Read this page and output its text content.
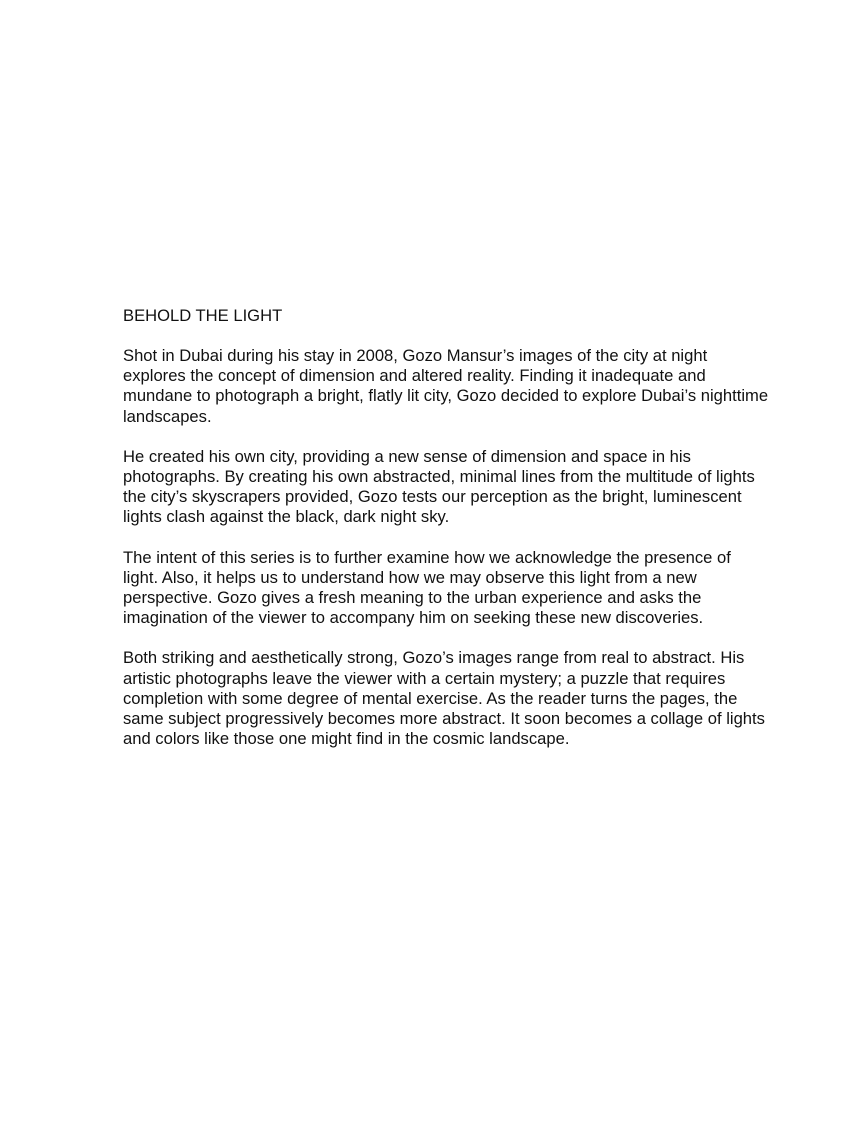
BEHOLD THE LIGHT

Shot in Dubai during his stay in 2008, Gozo Mansur’s images of the city at night
explores the concept of dimension and altered reality. Finding it inadequate and
mundane to photograph a bright, flatly lit city, Gozo decided to explore Dubai’s nighttime
landscapes.

He created his own city, providing a new sense of dimension and space in his
photographs. By creating his own abstracted, minimal lines from the multitude of lights
the city’s skyscrapers provided, Gozo tests our perception as the bright, luminescent
lights clash against the black, dark night sky.

The intent of this series is to further examine how we acknowledge the presence of
light. Also, it helps us to understand how we may observe this light from a new
perspective. Gozo gives a fresh meaning to the urban experience and asks the
imagination of the viewer to accompany him on seeking these new discoveries.

Both striking and aesthetically strong, Gozo’s images range from real to abstract. His
artistic photographs leave the viewer with a certain mystery; a puzzle that requires
completion with some degree of mental exercise. As the reader turns the pages, the
same subject progressively becomes more abstract. It soon becomes a collage of lights
and colors like those one might find in the cosmic landscape.
